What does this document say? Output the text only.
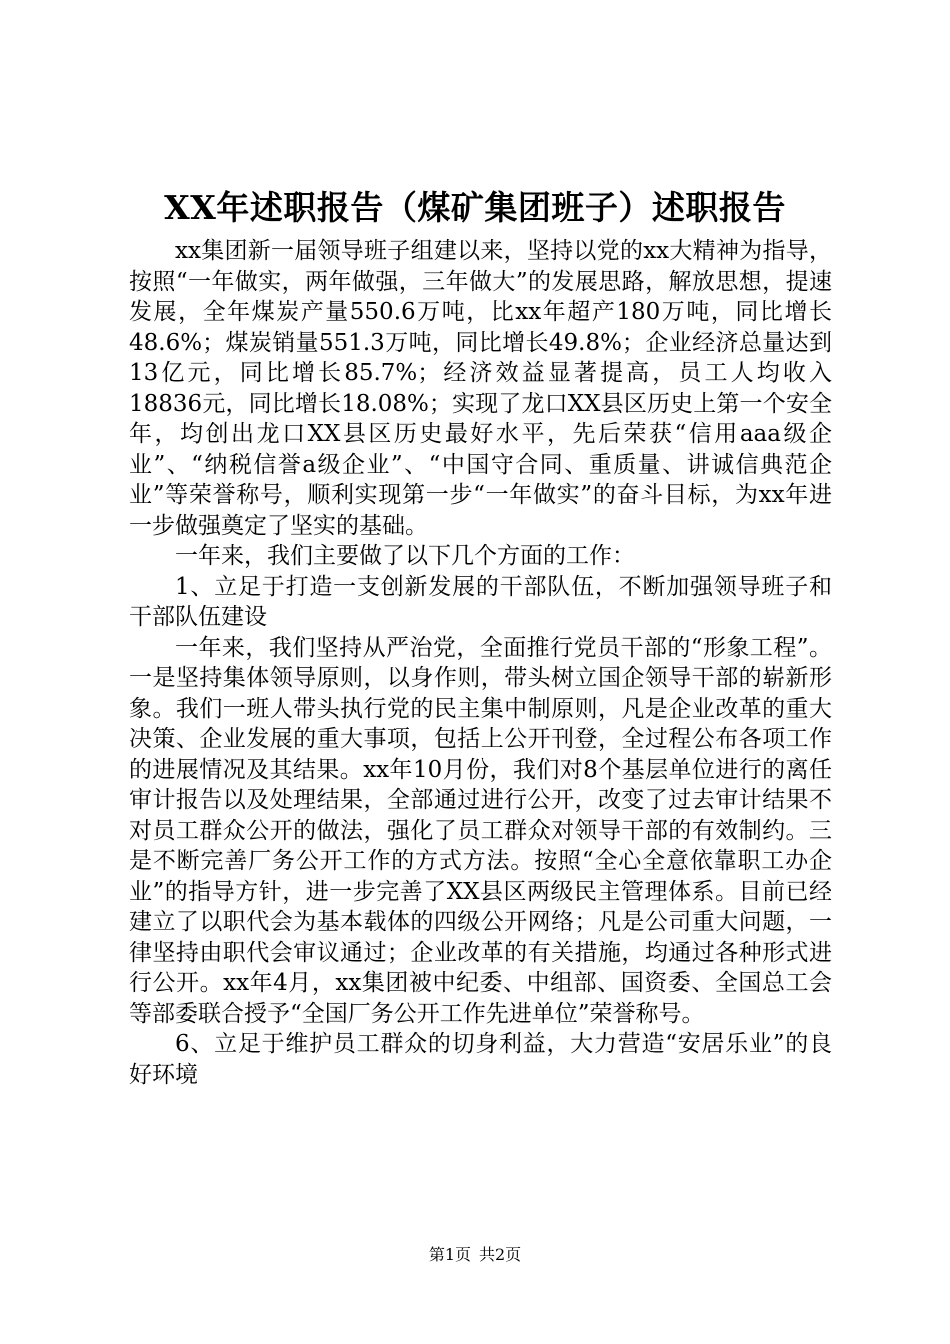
XX年述职报告（煤矿集团班子）述职报告

xx集团新一届领导班子组建以来，坚持以党的xx大精神为指导，按照“一年做实，两年做强，三年做大”的发展思路，解放思想，提速发展，全年煤炭产量550.6万吨，比xx年超产180万吨，同比增长48.6%；煤炭销量551.3万吨，同比增长49.8%；企业经济总量达到13亿元，同比增长85.7%；经济效益显著提高，员工人均收入18836元，同比增长18.08%；实现了龙口XX县区历史上第一个安全年，均创出龙口XX县区历史最好水平，先后荣获“信用aaa级企业”、“纳税信誉a级企业”、“中国守合同、重质量、讲诚信典范企业”等荣誉称号，顺利实现第一步“一年做实”的奋斗目标，为xx年进一步做强奠定了坚实的基础。

一年来，我们主要做了以下几个方面的工作：

1、立足于打造一支创新发展的干部队伍，不断加强领导班子和干部队伍建设

一年来，我们坚持从严治党，全面推行党员干部的“形象工程”。一是坚持集体领导原则，以身作则，带头树立国企领导干部的崭新形象。我们一班人带头执行党的民主集中制原则，凡是企业改革的重大决策、企业发展的重大事项，包括上公开刊登，全过程公布各项工作的进展情况及其结果。xx年10月份，我们对8个基层单位进行的离任审计报告以及处理结果，全部通过进行公开，改变了过去审计结果不对员工群众公开的做法，强化了员工群众对领导干部的有效制约。三是不断完善厂务公开工作的方式方法。按照“全心全意依靠职工办企业”的指导方针，进一步完善了XX县区两级民主管理体系。目前已经建立了以职代会为基本载体的四级公开网络；凡是公司重大问题，一律坚持由职代会审议通过；企业改革的有关措施，均通过各种形式进行公开。xx年4月，xx集团被中纪委、中组部、国资委、全国总工会等部委联合授予“全国厂务公开工作先进单位”荣誉称号。

6、立足于维护员工群众的切身利益，大力营造“安居乐业”的良好环境

第1页 共2页
